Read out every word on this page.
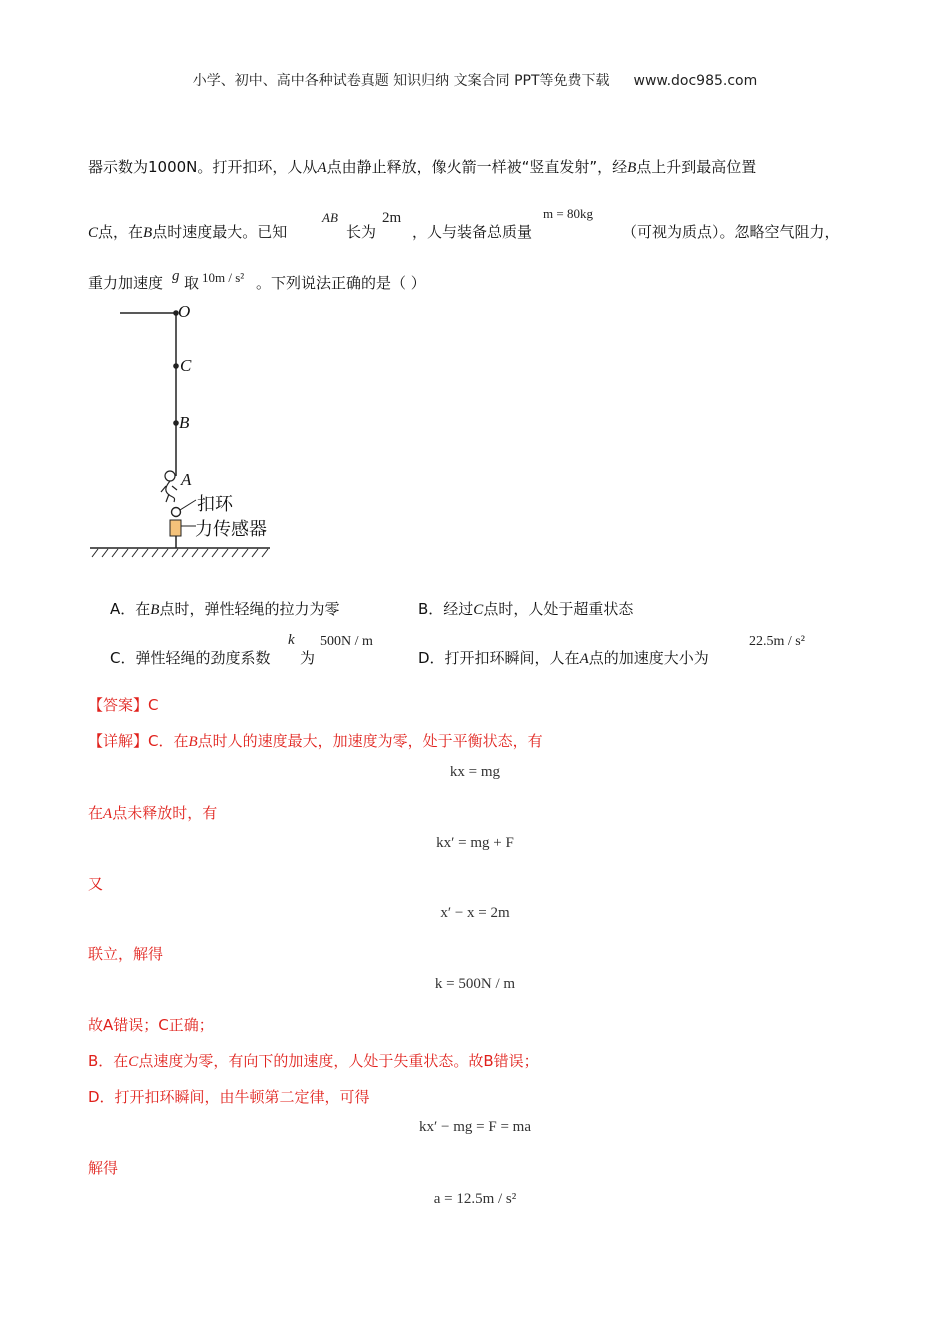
小学、初中、高中各种试卷真题 知识归纳 文案合同 PPT等免费下载 www.doc985.com
器示数为1000N。打开扣环，人从A点由静止释放，像火箭一样被“竖直发射”，经B点上升到最高位置
C点，在B点时速度最大。已知
AB
长为
2m
，人与装备总质量
m = 80kg
（可视为质点）。忽略空气阻力，
重力加速度 g 取 10m / s² 。下列说法正确的是（ ）
O
C
B
A
扣环
力传感器
A．在B点时，弹性轻绳的拉力为零	B．经过C点时，人处于超重状态
C．弹性轻绳的劲度系数
k
为
500N / m
D．打开扣环瞬间，人在A点的加速度大小为
22.5m / s²
【答案】C
【详解】C．在B点时人的速度最大，加速度为零，处于平衡状态，有
kx = mg
在A点未释放时，有
kx′ = mg + F
又
x′ − x = 2m
联立，解得
k = 500N / m
故A错误；C正确；
B．在C点速度为零，有向下的加速度，人处于失重状态。故B错误；
D．打开扣环瞬间，由牛顿第二定律，可得
kx′ − mg = F = ma
解得
a = 12.5m / s²
